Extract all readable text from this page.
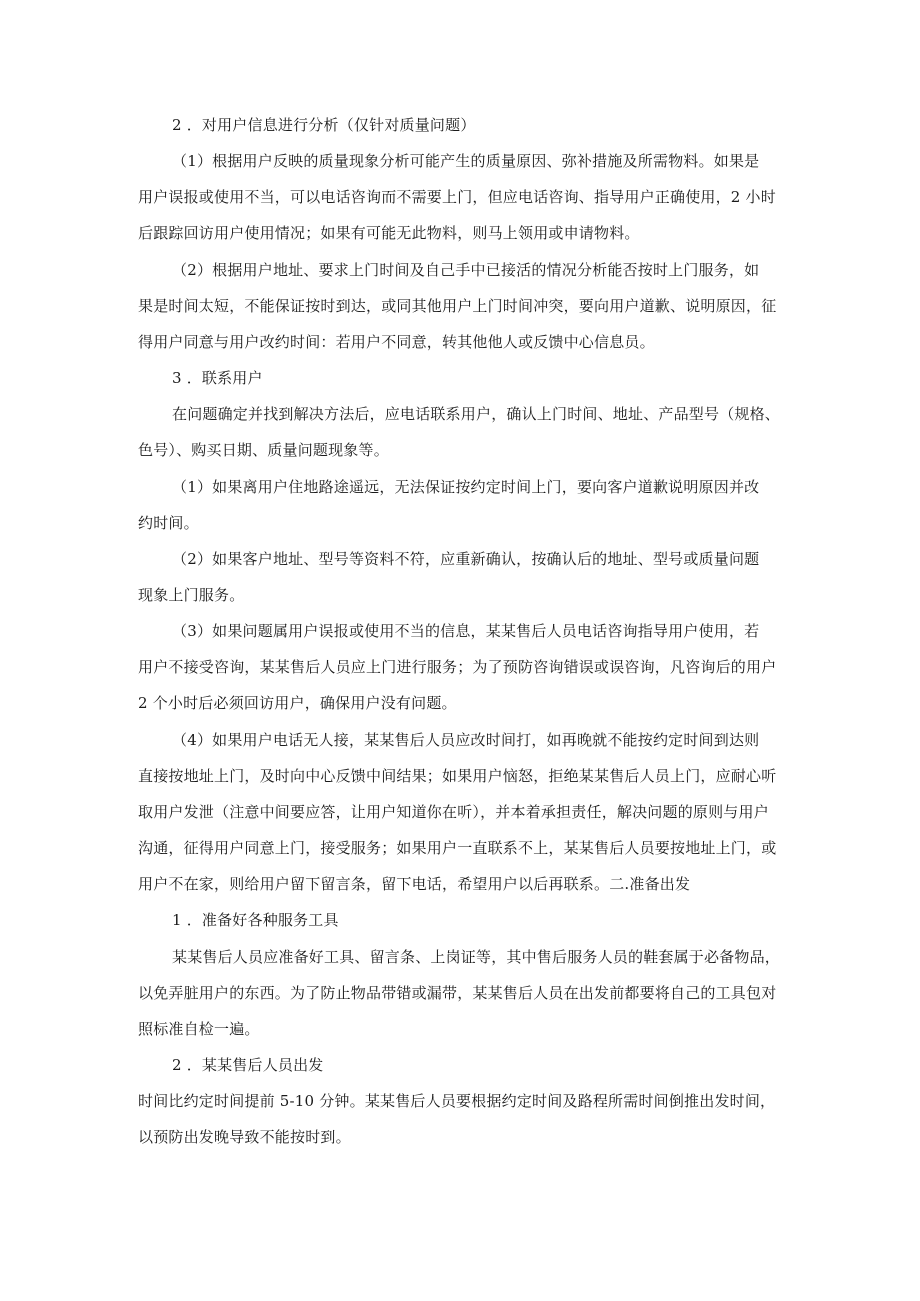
2 ．对用户信息进行分析（仅针对质量问题）
（1）根据用户反映的质量现象分析可能产生的质量原因、弥补措施及所需物料。如果是
用户误报或使用不当，可以电话咨询而不需要上门，但应电话咨询、指导用户正确使用，2 小时
后跟踪回访用户使用情况；如果有可能无此物料，则马上领用或申请物料。
（2）根据用户地址、要求上门时间及自己手中已接活的情况分析能否按时上门服务，如
果是时间太短，不能保证按时到达，或同其他用户上门时间冲突，要向用户道歉、说明原因，征
得用户同意与用户改约时间：若用户不同意，转其他他人或反馈中心信息员。
3 ．联系用户
在问题确定并找到解决方法后，应电话联系用户，确认上门时间、地址、产品型号（规格、
色号）、购买日期、质量问题现象等。
（1）如果离用户住地路途遥远，无法保证按约定时间上门，要向客户道歉说明原因并改
约时间。
（2）如果客户地址、型号等资料不符，应重新确认，按确认后的地址、型号或质量问题
现象上门服务。
（3）如果问题属用户误报或使用不当的信息，某某售后人员电话咨询指导用户使用，若
用户不接受咨询，某某售后人员应上门进行服务；为了预防咨询错误或误咨询，凡咨询后的用户
2 个小时后必须回访用户，确保用户没有问题。
（4）如果用户电话无人接，某某售后人员应改时间打，如再晚就不能按约定时间到达则
直接按地址上门，及时向中心反馈中间结果；如果用户恼怒，拒绝某某售后人员上门，应耐心听
取用户发泄（注意中间要应答，让用户知道你在听），并本着承担责任，解决问题的原则与用户
沟通，征得用户同意上门，接受服务；如果用户一直联系不上，某某售后人员要按地址上门，或
用户不在家，则给用户留下留言条，留下电话，希望用户以后再联系。二.准备出发
1 ．准备好各种服务工具
某某售后人员应准备好工具、留言条、上岗证等，其中售后服务人员的鞋套属于必备物品，
以免弄脏用户的东西。为了防止物品带错或漏带，某某售后人员在出发前都要将自己的工具包对
照标准自检一遍。
2 ．某某售后人员出发
时间比约定时间提前 5-10 分钟。某某售后人员要根据约定时间及路程所需时间倒推出发时间，
以预防出发晚导致不能按时到。
